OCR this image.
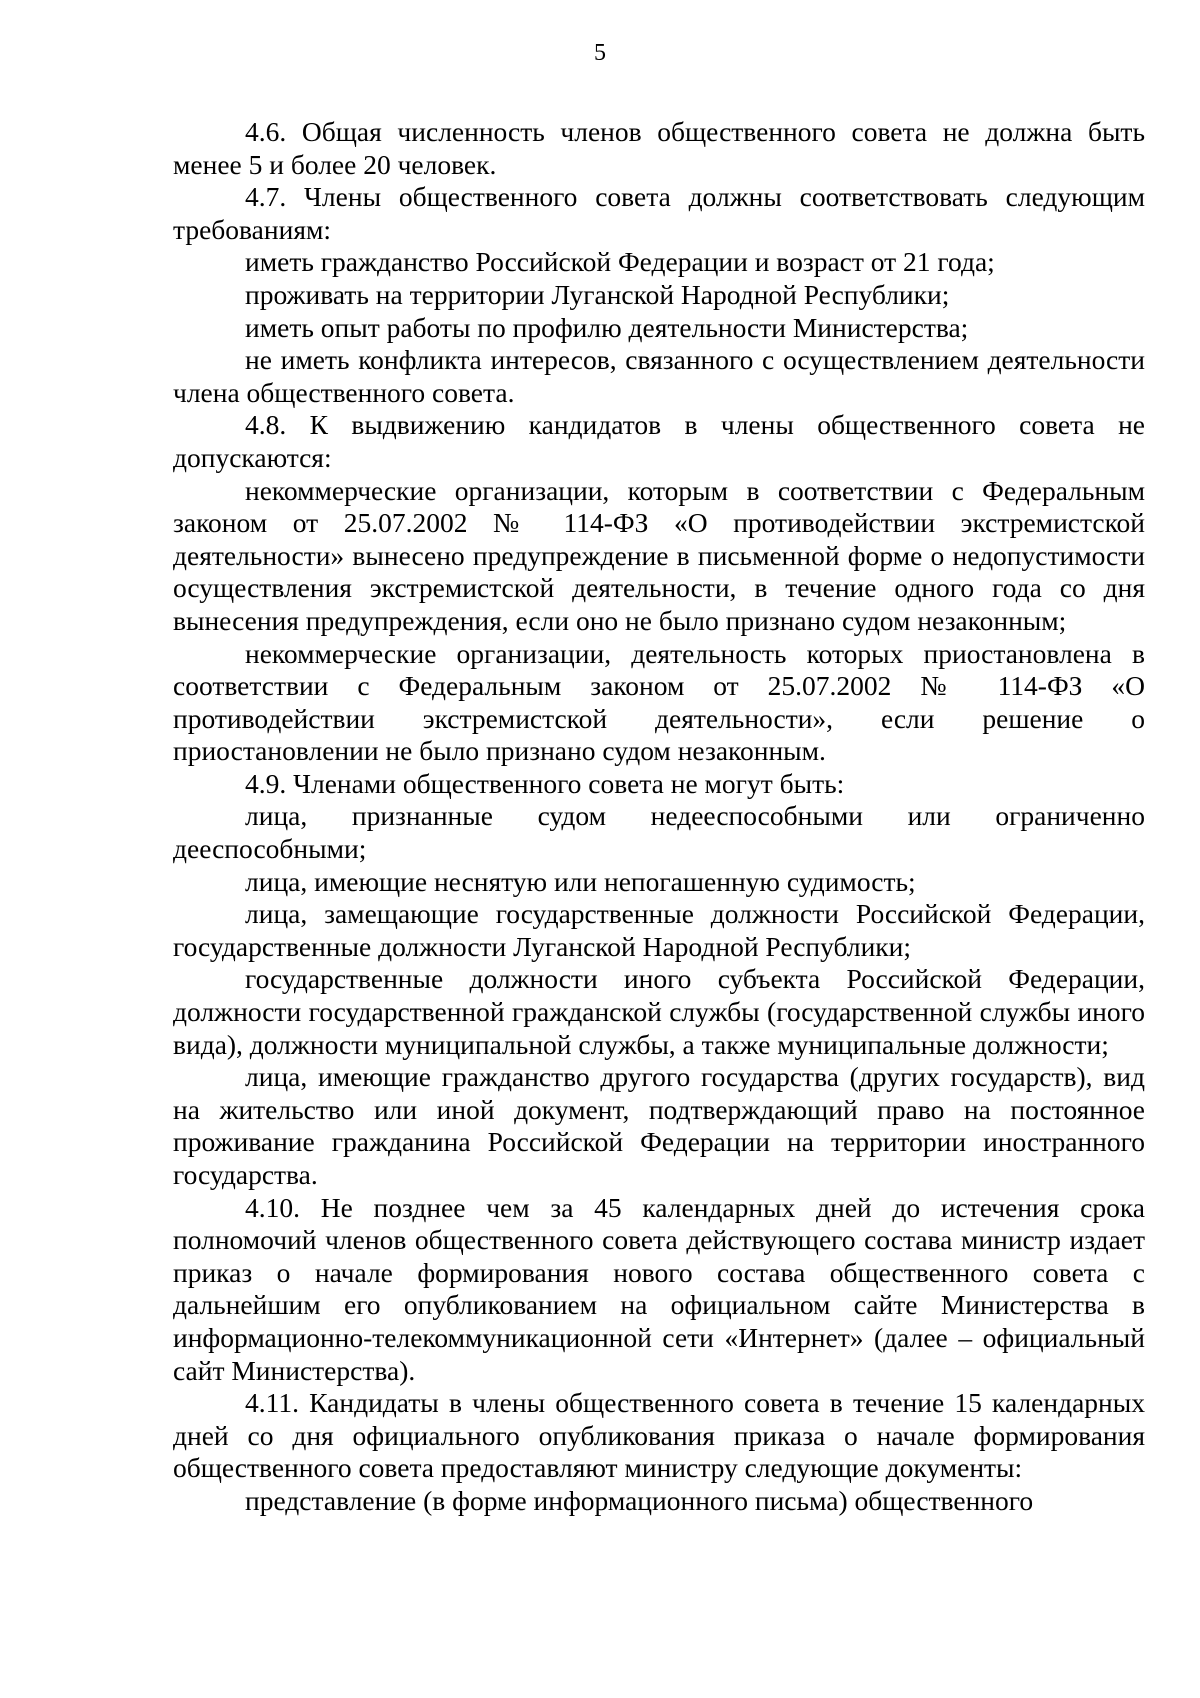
5

4.6. Общая численность членов общественного совета не должна быть менее 5 и более 20 человек.

4.7. Члены общественного совета должны соответствовать следующим требованиям:

иметь гражданство Российской Федерации и возраст от 21 года;

проживать на территории Луганской Народной Республики;

иметь опыт работы по профилю деятельности Министерства;

не иметь конфликта интересов, связанного с осуществлением деятельности члена общественного совета.

4.8. К выдвижению кандидатов в члены общественного совета не допускаются:

некоммерческие организации, которым в соответствии с Федеральным законом от 25.07.2002 № 114-ФЗ «О противодействии экстремистской деятельности» вынесено предупреждение в письменной форме о недопустимости осуществления экстремистской деятельности, в течение одного года со дня вынесения предупреждения, если оно не было признано судом незаконным;

некоммерческие организации, деятельность которых приостановлена в соответствии с Федеральным законом от 25.07.2002 № 114-ФЗ «О противодействии экстремистской деятельности», если решение о приостановлении не было признано судом незаконным.

4.9. Членами общественного совета не могут быть:

лица, признанные судом недееспособными или ограниченно дееспособными;

лица, имеющие неснятую или непогашенную судимость;

лица, замещающие государственные должности Российской Федерации, государственные должности Луганской Народной Республики;

государственные должности иного субъекта Российской Федерации, должности государственной гражданской службы (государственной службы иного вида), должности муниципальной службы, а также муниципальные должности;

лица, имеющие гражданство другого государства (других государств), вид на жительство или иной документ, подтверждающий право на постоянное проживание гражданина Российской Федерации на территории иностранного государства.

4.10. Не позднее чем за 45 календарных дней до истечения срока полномочий членов общественного совета действующего состава министр издает приказ о начале формирования нового состава общественного совета с дальнейшим его опубликованием на официальном сайте Министерства в информационно-телекоммуникационной сети «Интернет» (далее – официальный сайт Министерства).

4.11. Кандидаты в члены общественного совета в течение 15 календарных дней со дня официального опубликования приказа о начале формирования общественного совета предоставляют министру следующие документы:

представление (в форме информационного письма) общественного
